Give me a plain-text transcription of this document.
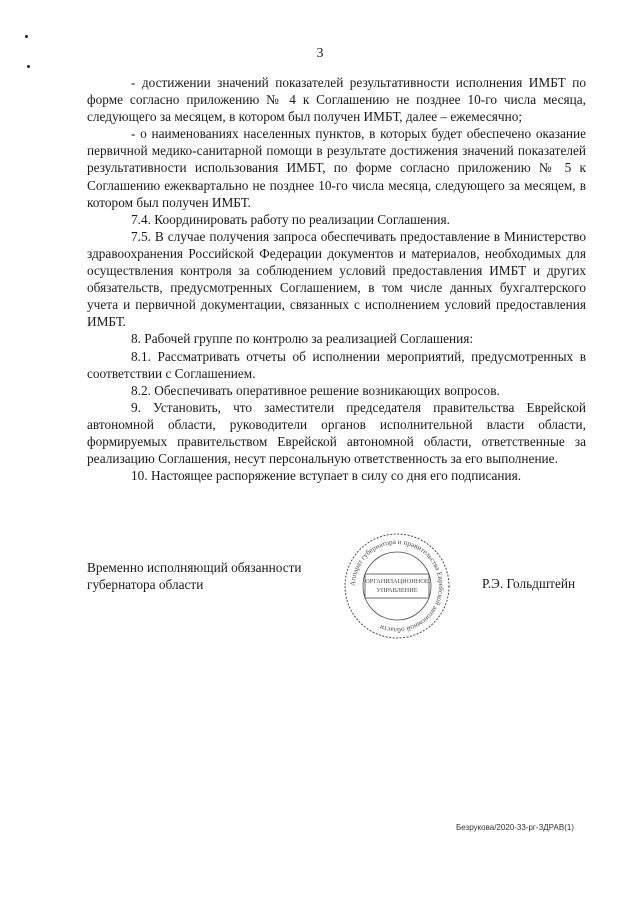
3

- достижении значений показателей результативности исполнения ИМБТ по форме согласно приложению № 4 к Соглашению не позднее 10-го числа месяца, следующего за месяцем, в котором был получен ИМБТ, далее – ежемесячно;

- о наименованиях населенных пунктов, в которых будет обеспечено оказание первичной медико-санитарной помощи в результате достижения значений показателей результативности использования ИМБТ, по форме согласно приложению № 5 к Соглашению ежеквартально не позднее 10-го числа месяца, следующего за месяцем, в котором был получен ИМБТ.

7.4. Координировать работу по реализации Соглашения.

7.5. В случае получения запроса обеспечивать предоставление в Министерство здравоохранения Российской Федерации документов и материалов, необходимых для осуществления контроля за соблюдением условий предоставления ИМБТ и других обязательств, предусмотренных Соглашением, в том числе данных бухгалтерского учета и первичной документации, связанных с исполнением условий предоставления ИМБТ.

8. Рабочей группе по контролю за реализацией Соглашения:

8.1. Рассматривать отчеты об исполнении мероприятий, предусмотренных в соответствии с Соглашением.

8.2. Обеспечивать оперативное решение возникающих вопросов.

9. Установить, что заместители председателя правительства Еврейской автономной области, руководители органов исполнительной власти области, формируемых правительством Еврейской автономной области, ответственные за реализацию Соглашения, несут персональную ответственность за его выполнение.

10. Настоящее распоряжение вступает в силу со дня его подписания.

Временно исполняющий обязанности губернатора области	Аппарат губернатора и правительства Еврейской автономной области
ОРГАНИЗАЦИОННОЕ УПРАВЛЕНИЕ	Р.Э. Гольдштейн
Безрукова/2020-33-рг-ЗДРАВ(1)
